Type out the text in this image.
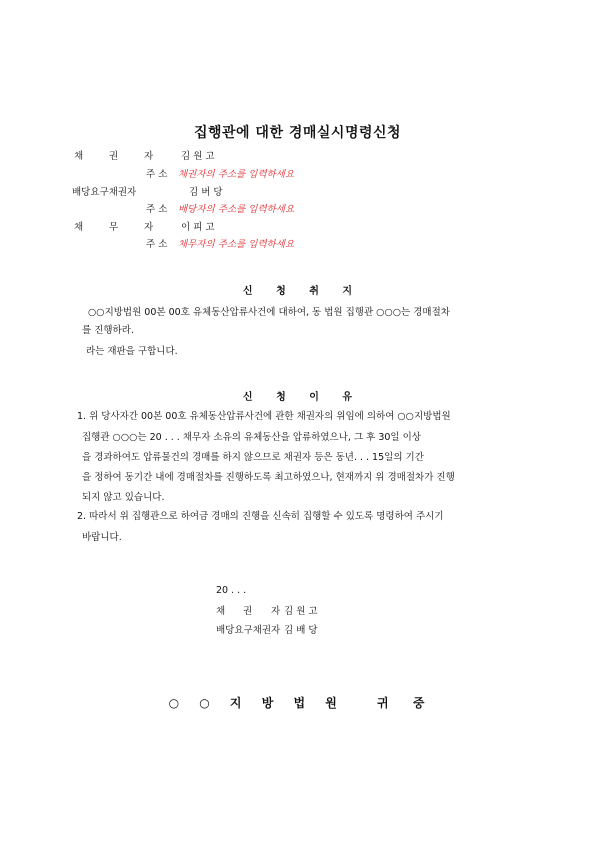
집행관에 대한 경매실시명령신청
채	권	자	김 원 고
주 소 채권자의 주소를 입력하세요
배당요구채권자	김 버 당
주 소 배당자의 주소를 입력하세요
채	무	자	이 피 고
주 소 채무자의 주소를 입력하세요
신 청 취 지
○○지방법원 00본 00호 유체동산압류사건에 대하여, 동 법원 집행관 ○○○는 경매절차
를 진행하라.
라는 재판을 구합니다.
신 청 이 유
1. 위 당사자간 00본 00호 유체동산압류사건에 관한 채권자의 위임에 의하여 ○○지방법원
집행관 ○○○는 20 . . . 채무자 소유의 유체동산을 압류하였으나, 그 후 30일 이상
을 경과하여도 압류물건의 경매를 하지 않으므로 채권자 등은 동년. . . 15일의 기간
을 정하여 동기간 내에 경매절차를 진행하도록 최고하였으나, 현재까지 위 경매절차가 진행
되지 않고 있습니다.
2. 따라서 위 집행관으로 하여금 경매의 진행을 신속히 집행할 수 있도록 명령하여 주시기
바랍니다.
20 . . .
채 권 자 김 원 고
배당요구채권자 김 배 당
○ ○ 지 방 법 원	귀 중
